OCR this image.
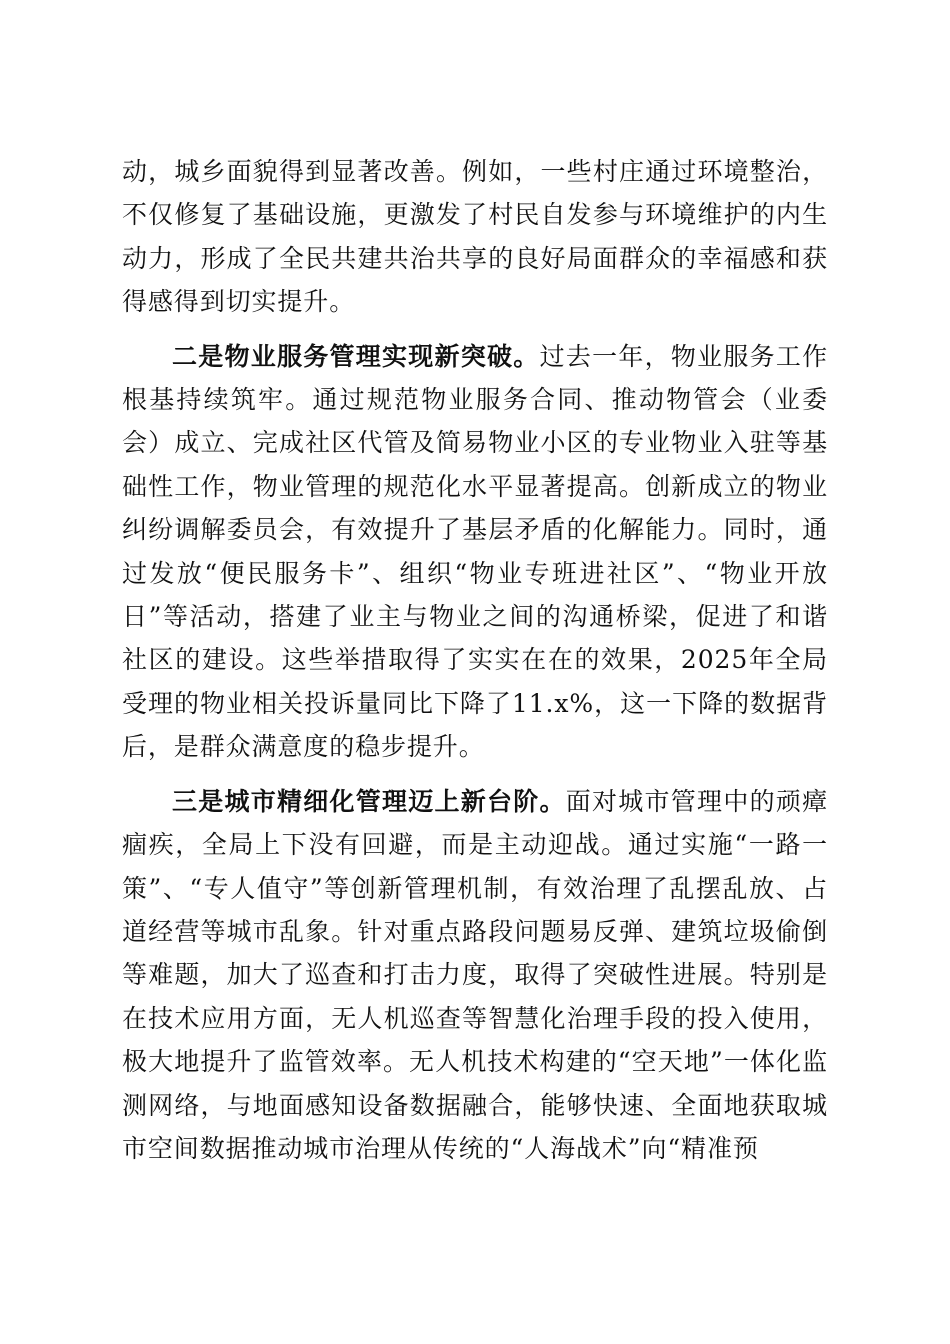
动，城乡面貌得到显著改善。例如，一些村庄通过环境整治，不仅修复了基础设施，更激发了村民自发参与环境维护的内生动力，形成了全民共建共治共享的良好局面群众的幸福感和获得感得到切实提升。

二是物业服务管理实现新突破。过去一年，物业服务工作根基持续筑牢。通过规范物业服务合同、推动物管会（业委会）成立、完成社区代管及简易物业小区的专业物业入驻等基础性工作，物业管理的规范化水平显著提高。创新成立的物业纠纷调解委员会，有效提升了基层矛盾的化解能力。同时，通过发放“便民服务卡”、组织“物业专班进社区”、“物业开放日”等活动，搭建了业主与物业之间的沟通桥梁，促进了和谐社区的建设。这些举措取得了实实在在的效果，2025年全局受理的物业相关投诉量同比下降了11.x%，这一下降的数据背后，是群众满意度的稳步提升。

三是城市精细化管理迈上新台阶。面对城市管理中的顽瘴痼疾，全局上下没有回避，而是主动迎战。通过实施“一路一策”、“专人值守”等创新管理机制，有效治理了乱摆乱放、占道经营等城市乱象。针对重点路段问题易反弹、建筑垃圾偷倒等难题，加大了巡查和打击力度，取得了突破性进展。特别是在技术应用方面，无人机巡查等智慧化治理手段的投入使用，极大地提升了监管效率。无人机技术构建的“空天地”一体化监测网络，与地面感知设备数据融合，能够快速、全面地获取城市空间数据推动城市治理从传统的“人海战术”向“精准预
